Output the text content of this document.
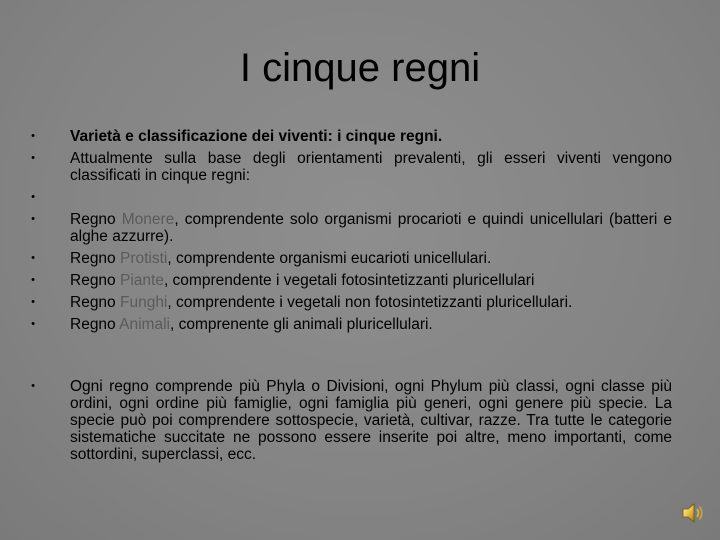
I cinque regni
•	Varietà e classificazione dei viventi: i cinque regni.
•	Attualmente sulla base degli orientamenti prevalenti, gli esseri viventi vengono classificati in cinque regni:
•
•	Regno Monere, comprendente solo organismi procarioti e quindi unicellulari (batteri e alghe azzurre).
•	Regno Protisti, comprendente organismi eucarioti unicellulari.
•	Regno Piante, comprendente i vegetali fotosintetizzanti pluricellulari
•	Regno Funghi, comprendente i vegetali non fotosintetizzanti pluricellulari.
•	Regno Animali, comprenente gli animali pluricellulari.
•	Ogni regno comprende più Phyla o Divisioni, ogni Phylum più classi, ogni classe più ordini, ogni ordine più famiglie, ogni famiglia più generi, ogni genere più specie. La specie può poi comprendere sottospecie, varietà, cultivar, razze. Tra tutte le categorie sistematiche succitate ne possono essere inserite poi altre, meno importanti, come sottordini, superclassi, ecc.
